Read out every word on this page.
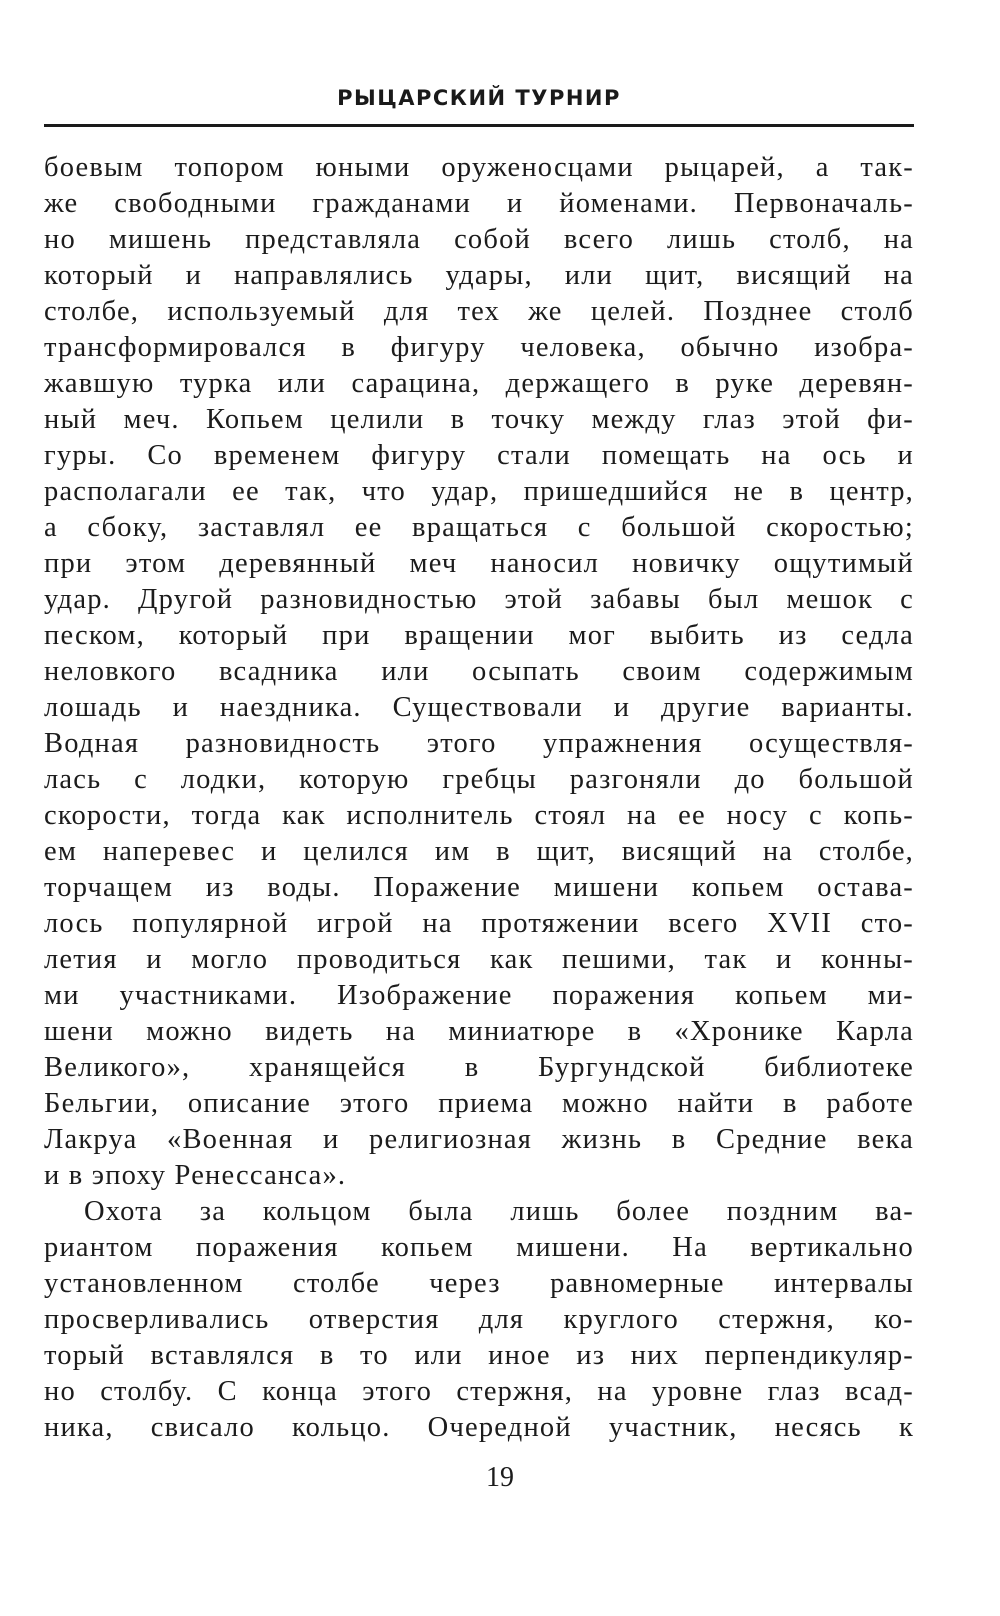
РЫЦАРСКИЙ ТУРНИР
боевым топором юными оруженосцами рыцарей, а так-
же свободными гражданами и йоменами. Первоначаль-
но мишень представляла собой всего лишь столб, на
который и направлялись удары, или щит, висящий на
столбе, используемый для тех же целей. Позднее столб
трансформировался в фигуру человека, обычно изобра-
жавшую турка или сарацина, держащего в руке деревян-
ный меч. Копьем целили в точку между глаз этой фи-
гуры. Со временем фигуру стали помещать на ось и
располагали ее так, что удар, пришедшийся не в центр,
а сбоку, заставлял ее вращаться с большой скоростью;
при этом деревянный меч наносил новичку ощутимый
удар. Другой разновидностью этой забавы был мешок с
песком, который при вращении мог выбить из седла
неловкого всадника или осыпать своим содержимым
лошадь и наездника. Существовали и другие варианты.
Водная разновидность этого упражнения осуществля-
лась с лодки, которую гребцы разгоняли до большой
скорости, тогда как исполнитель стоял на ее носу с копь-
ем наперевес и целился им в щит, висящий на столбе,
торчащем из воды. Поражение мишени копьем остава-
лось популярной игрой на протяжении всего XVII сто-
летия и могло проводиться как пешими, так и конны-
ми участниками. Изображение поражения копьем ми-
шени можно видеть на миниатюре в «Хронике Карла
Великого», хранящейся в Бургундской библиотеке
Бельгии, описание этого приема можно найти в работе
Лакруа «Военная и религиозная жизнь в Средние века
и в эпоху Ренессанса».
Охота за кольцом была лишь более поздним ва-
риантом поражения копьем мишени. На вертикально
установленном столбе через равномерные интервалы
просверливались отверстия для круглого стержня, ко-
торый вставлялся в то или иное из них перпендикуляр-
но столбу. С конца этого стержня, на уровне глаз всад-
ника, свисало кольцо. Очередной участник, несясь к
19
